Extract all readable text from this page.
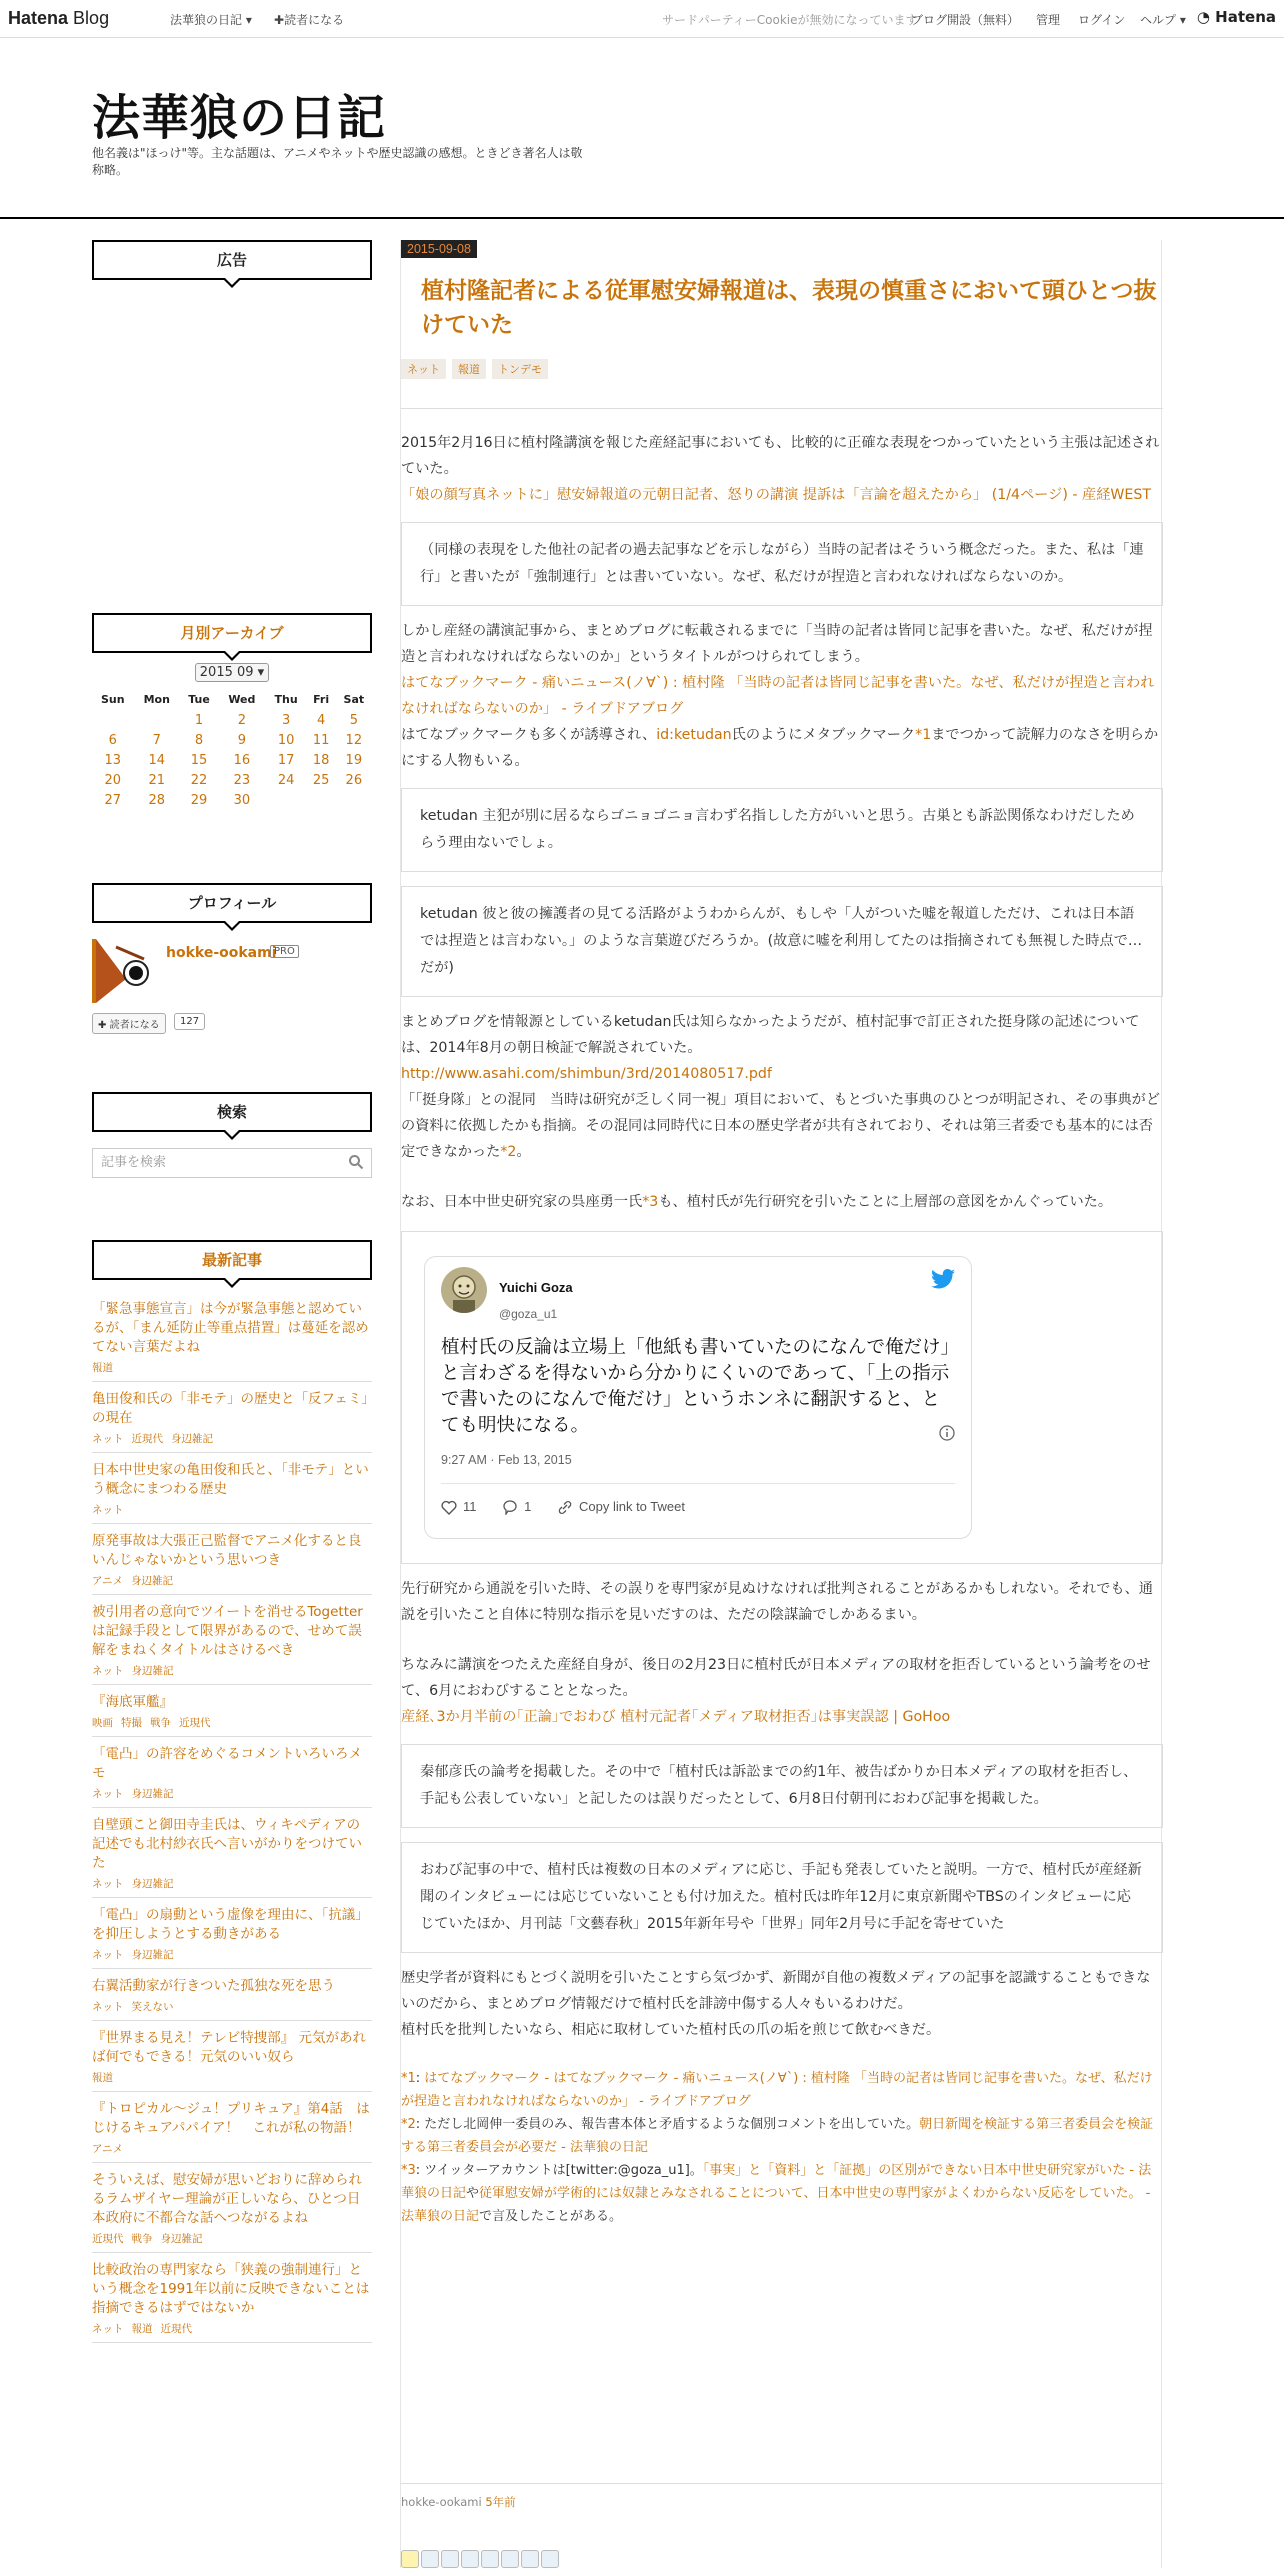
Hatena Blog	法華狼の日記 ▾ ✚読者になる	サードパーティーCookieが無効になっています
ブログ開設（無料） 管理 ログイン ヘルプ ▾ ◔ Hatena
法華狼の日記
他名義は"ほっけ"等。主な話題は、アニメやネットや歴史認識の感想。ときどき著名人は敬称略。
広告
月別アーカイブ
2015 09 ▾
Sun	Mon	Tue	Wed	Thu	Fri	Sat
		1	2	3	4	5
6	7	8	9	10	11	12
13	14	15	16	17	18	19
20	21	22	23	24	25	26
27	28	29	30			
プロフィール
hokke-ookami
PRO
✚ 読者になる	127
検索
記事を検索
最新記事
「緊急事態宣言」は今が緊急事態と認めているが、「まん延防止等重点措置」は蔓延を認めてない言葉だよね
報道
亀田俊和氏の「非モテ」の歴史と「反フェミ」の現在
ネット 近現代 身辺雑記
日本中世史家の亀田俊和氏と、「非モテ」という概念にまつわる歴史
ネット
原発事故は大張正己監督でアニメ化すると良いんじゃないかという思いつき
アニメ 身辺雑記
被引用者の意向でツイートを消せるTogetterは記録手段として限界があるので、せめて誤解をまねくタイトルはさけるべき
ネット 身辺雑記
『海底軍艦』
映画 特撮 戦争 近現代
「電凸」の許容をめぐるコメントいろいろメモ
ネット 身辺雑記
自壁頭こと御田寺圭氏は、ウィキペディアの記述でも北村紗衣氏へ言いがかりをつけていた
ネット 身辺雑記
「電凸」の扇動という虚像を理由に、「抗議」を抑圧しようとする動きがある
ネット 身辺雑記
右翼活動家が行きついた孤独な死を思う
ネット 笑えない
『世界まる見え！テレビ特捜部』 元気があれば何でもできる！元気のいい奴ら
報道
『トロピカル～ジュ！プリキュア』第4話　はじけるキュアパパイア！　これが私の物語！
アニメ
そういえば、慰安婦が思いどおりに辞められるラムザイヤー理論が正しいなら、ひとつ日本政府に不都合な話へつながるよね
近現代 戦争 身辺雑記
比較政治の専門家なら「狭義の強制連行」という概念を1991年以前に反映できないことは指摘できるはずではないか
ネット 報道 近現代
2015-09-08
植村隆記者による従軍慰安婦報道は、表現の慎重さにおいて頭ひとつ抜けていた
ネット 報道 トンデモ

2015年2月16日に植村隆講演を報じた産経記事においても、比較的に正確な表現をつかっていたという主張は記述されていた。

「娘の顔写真ネットに」慰安婦報道の元朝日記者、怒りの講演 提訴は「言論を超えたから」 (1/4ページ) - 産経WEST

（同様の表現をした他社の記者の過去記事などを示しながら）当時の記者はそういう概念だった。また、私は「連行」と書いたが「強制連行」とは書いていない。なぜ、私だけが捏造と言われなければならないのか。

しかし産経の講演記事から、まとめブログに転載されるまでに「当時の記者は皆同じ記事を書いた。なぜ、私だけが捏造と言われなければならないのか」というタイトルがつけられてしまう。

はてなブックマーク - 痛いニュース(ノ∀`) : 植村隆 「当時の記者は皆同じ記事を書いた。なぜ、私だけが捏造と言われなければならないのか」 - ライブドアブログ

はてなブックマークも多くが誘導され、id:ketudan氏のようにメタブックマーク*1までつかって読解力のなさを明らかにする人物もいる。

ketudan 主犯が別に居るならゴニョゴニョ言わず名指しした方がいいと思う。古巣とも訴訟関係なわけだしためらう理由ないでしょ。

ketudan 彼と彼の擁護者の見てる活路がようわからんが、もしや「人がついた嘘を報道しただけ、これは日本語では捏造とは言わない。」のような言葉遊びだろうか。(故意に嘘を利用してたのは指摘されても無視した時点で…だが)

まとめブログを情報源としているketudan氏は知らなかったようだが、植村記事で訂正された挺身隊の記述については、2014年8月の朝日検証で解説されていた。

http://www.asahi.com/shimbun/3rd/2014080517.pdf

「「挺身隊」との混同　当時は研究が乏しく同一視」項目において、もとづいた事典のひとつが明記され、その事典がどの資料に依拠したかも指摘。その混同は同時代に日本の歴史学者が共有されており、それは第三者委でも基本的には否定できなかった*2。

なお、日本中世史研究家の呉座勇一氏*3も、植村氏が先行研究を引いたことに上層部の意図をかんぐっていた。

Yuichi Goza
@goza_u1
植村氏の反論は立場上「他紙も書いていたのになんで俺だけ」と言わざるを得ないから分かりにくいのであって、「上の指示で書いたのになんで俺だけ」というホンネに翻訳すると、とても明快になる。
9:27 AM · Feb 13, 2015
11
	1
	Copy link to Tweet

先行研究から通説を引いた時、その誤りを専門家が見ぬけなければ批判されることがあるかもしれない。それでも、通説を引いたこと自体に特別な指示を見いだすのは、ただの陰謀論でしかあるまい。

ちなみに講演をつたえた産経自身が、後日の2月23日に植村氏が日本メディアの取材を拒否しているという論考をのせて、6月におわびすることとなった。

産経､3か月半前の｢正論｣でおわび 植村元記者｢メディア取材拒否｣は事実誤認 | GoHoo

秦郁彦氏の論考を掲載した。その中で「植村氏は訴訟までの約1年、被告ばかりか日本メディアの取材を拒否し、手記も公表していない」と記したのは誤りだったとして、6月8日付朝刊におわび記事を掲載した。

おわび記事の中で、植村氏は複数の日本のメディアに応じ、手記も発表していたと説明。一方で、植村氏が産経新聞のインタビューには応じていないことも付け加えた。植村氏は昨年12月に東京新聞やTBSのインタビューに応じていたほか、月刊誌「文藝春秋」2015年新年号や「世界」同年2月号に手記を寄せていた

歴史学者が資料にもとづく説明を引いたことすら気づかず、新聞が自他の複数メディアの記事を認識することもできないのだから、まとめブログ情報だけで植村氏を誹謗中傷する人々もいるわけだ。

植村氏を批判したいなら、相応に取材していた植村氏の爪の垢を煎じて飲むべきだ。

*1: はてなブックマーク - はてなブックマーク - 痛いニュース(ノ∀`) : 植村隆 「当時の記者は皆同じ記事を書いた。なぜ、私だけが捏造と言われなければならないのか」 - ライブドアブログ

*2: ただし北岡伸一委員のみ、報告書本体と矛盾するような個別コメントを出していた。朝日新聞を検証する第三者委員会を検証する第三者委員会が必要だ - 法華狼の日記

*3: ツイッターアカウントは[twitter:@goza_u1]。「事実」と「資料」と「証拠」の区別ができない日本中世史研究家がいた - 法華狼の日記や従軍慰安婦が学術的には奴隷とみなされることについて、日本中世史の専門家がよくわからない反応をしていた。 - 法華狼の日記で言及したことがある。

hokke-ookami 5年前
